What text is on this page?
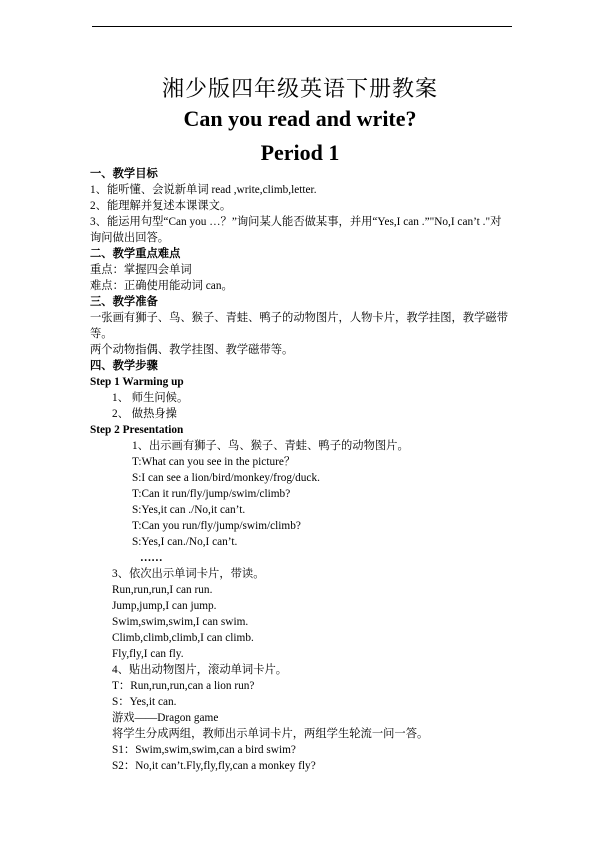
湘少版四年级英语下册教案
Can you read and write?
Period 1
一、教学目标
1、能听懂、会说新单词 read ,write,climb,letter.
2、能理解并复述本课课文。
3、能运用句型“Can you …？”询问某人能否做某事，并用“Yes,I can .”"No,I can’t ."对询问做出回答。
二、教学重点难点
重点：掌握四会单词
难点：正确使用能动词 can。
三、教学准备
一张画有狮子、鸟、猴子、青蛙、鸭子的动物图片，人物卡片，教学挂图，教学磁带等。
两个动物指偶、教学挂图、教学磁带等。
四、教学步骤
Step 1 Warming up
1、 师生问候。
2、 做热身操
Step 2 Presentation
1、出示画有狮子、鸟、猴子、青蛙、鸭子的动物图片。
T:What can you see in the picture？
S:I can see a lion/bird/monkey/frog/duck.
T:Can it run/fly/jump/swim/climb?
S:Yes,it can ./No,it can’t.
T:Can you run/fly/jump/swim/climb?
S:Yes,I can./No,I can’t.
……
3、依次出示单词卡片，带读。
Run,run,run,I can run.
Jump,jump,I can jump.
Swim,swim,swim,I can swim.
Climb,climb,climb,I can climb.
Fly,fly,I can fly.
4、贴出动物图片，滚动单词卡片。
T：Run,run,run,can a lion run?
S：Yes,it can.
游戏——Dragon game
将学生分成两组，教师出示单词卡片，两组学生轮流一问一答。
S1：Swim,swim,swim,can a bird swim?
S2：No,it can’t.Fly,fly,fly,can a monkey fly?
